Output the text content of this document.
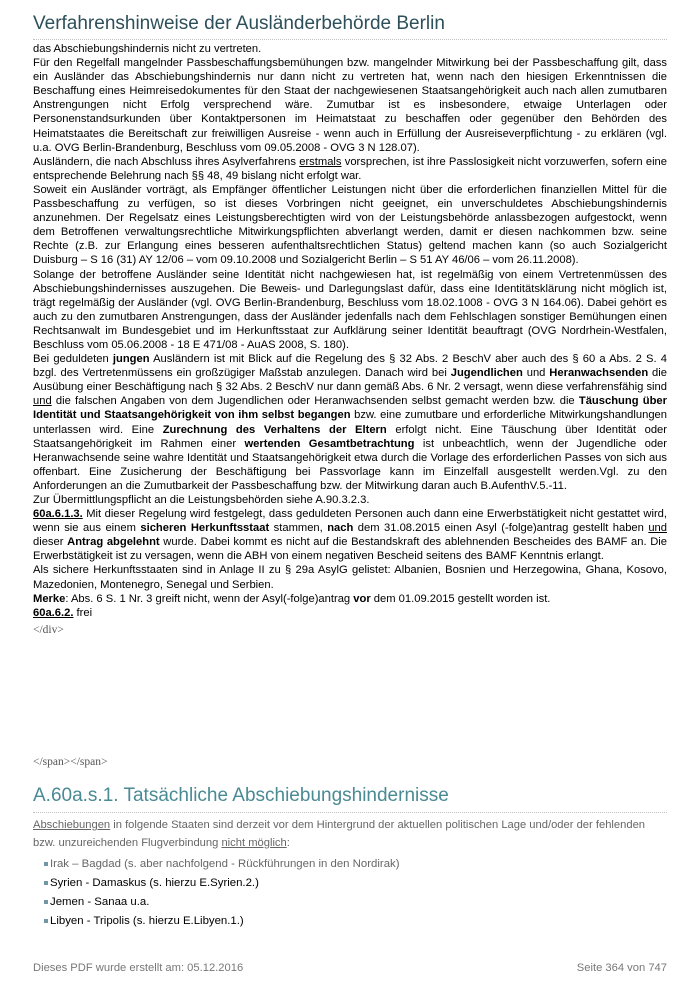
Verfahrenshinweise der Ausländerbehörde Berlin

das Abschiebungshindernis nicht zu vertreten.

Für den Regelfall mangelnder Passbeschaffungsbemühungen bzw. mangelnder Mitwirkung bei der Passbeschaffung gilt, dass ein Ausländer das Abschiebungshindernis nur dann nicht zu vertreten hat, wenn nach den hiesigen Erkenntnissen die Beschaffung eines Heimreisedokumentes für den Staat der nachgewiesenen Staatsangehörigkeit auch nach allen zumutbaren Anstrengungen nicht Erfolg versprechend wäre. Zumutbar ist es insbesondere, etwaige Unterlagen oder Personenstandsurkunden über Kontaktpersonen im Heimatstaat zu beschaffen oder gegenüber den Behörden des Heimatstaates die Bereitschaft zur freiwilligen Ausreise - wenn auch in Erfüllung der Ausreiseverpflichtung - zu erklären (vgl. u.a. OVG Berlin-Brandenburg, Beschluss vom 09.05.2008 - OVG 3 N 128.07).

Ausländern, die nach Abschluss ihres Asylverfahrens erstmals vorsprechen, ist ihre Passlosigkeit nicht vorzuwerfen, sofern eine entsprechende Belehrung nach §§ 48, 49 bislang nicht erfolgt war.

Soweit ein Ausländer vorträgt, als Empfänger öffentlicher Leistungen nicht über die erforderlichen finanziellen Mittel für die Passbeschaffung zu verfügen, so ist dieses Vorbringen nicht geeignet, ein unverschuldetes Abschiebungshindernis anzunehmen. Der Regelsatz eines Leistungsberechtigten wird von der Leistungsbehörde anlassbezogen aufgestockt, wenn dem Betroffenen verwaltungsrechtliche Mitwirkungspflichten abverlangt werden, damit er diesen nachkommen bzw. seine Rechte (z.B. zur Erlangung eines besseren aufenthaltsrechtlichen Status) geltend machen kann (so auch Sozialgericht Duisburg – S 16 (31) AY 12/06 – vom 09.10.2008 und Sozialgericht Berlin – S 51 AY 46/06 – vom 26.11.2008).

Solange der betroffene Ausländer seine Identität nicht nachgewiesen hat, ist regelmäßig von einem Vertretenmüssen des Abschiebungshindernisses auszugehen. Die Beweis- und Darlegungslast dafür, dass eine Identitätsklärung nicht möglich ist, trägt regelmäßig der Ausländer (vgl. OVG Berlin-Brandenburg, Beschluss vom 18.02.1008 - OVG 3 N 164.06). Dabei gehört es auch zu den zumutbaren Anstrengungen, dass der Ausländer jedenfalls nach dem Fehlschlagen sonstiger Bemühungen einen Rechtsanwalt im Bundesgebiet und im Herkunftsstaat zur Aufklärung seiner Identität beauftragt (OVG Nordrhein-Westfalen, Beschluss vom 05.06.2008 - 18 E 471/08 - AuAS 2008, S. 180).

Bei geduldeten jungen Ausländern ist mit Blick auf die Regelung des § 32 Abs. 2 BeschV aber auch des § 60 a Abs. 2 S. 4 bzgl. des Vertretenmüssens ein großzügiger Maßstab anzulegen. Danach wird bei Jugendlichen und Heranwachsenden die Ausübung einer Beschäftigung nach § 32 Abs. 2 BeschV nur dann gemäß Abs. 6 Nr. 2 versagt, wenn diese verfahrensfähig sind und die falschen Angaben von dem Jugendlichen oder Heranwachsenden selbst gemacht werden bzw. die Täuschung über Identität und Staatsangehörigkeit von ihm selbst begangen bzw. eine zumutbare und erforderliche Mitwirkungshandlungen unterlassen wird. Eine Zurechnung des Verhaltens der Eltern erfolgt nicht. Eine Täuschung über Identität oder Staatsangehörigkeit im Rahmen einer wertenden Gesamtbetrachtung ist unbeachtlich, wenn der Jugendliche oder Heranwachsende seine wahre Identität und Staatsangehörigkeit etwa durch die Vorlage des erforderlichen Passes von sich aus offenbart. Eine Zusicherung der Beschäftigung bei Passvorlage kann im Einzelfall ausgestellt werden.Vgl. zu den Anforderungen an die Zumutbarkeit der Passbeschaffung bzw. der Mitwirkung daran auch B.AufenthV.5.-11.

Zur Übermittlungspflicht an die Leistungsbehörden siehe A.90.3.2.3.

60a.6.1.3. Mit dieser Regelung wird festgelegt, dass geduldeten Personen auch dann eine Erwerbstätigkeit nicht gestattet wird, wenn sie aus einem sicheren Herkunftsstaat stammen, nach dem 31.08.2015 einen Asyl (-folge)antrag gestellt haben und dieser Antrag abgelehnt wurde. Dabei kommt es nicht auf die Bestandskraft des ablehnenden Bescheides des BAMF an. Die Erwerbstätigkeit ist zu versagen, wenn die ABH von einem negativen Bescheid seitens des BAMF Kenntnis erlangt.

Als sichere Herkunftsstaaten sind in Anlage II zu § 29a AsylG gelistet: Albanien, Bosnien und Herzegowina, Ghana, Kosovo, Mazedonien, Montenegro, Senegal und Serbien.

Merke: Abs. 6 S. 1 Nr. 3 greift nicht, wenn der Asyl(-folge)antrag vor dem 01.09.2015 gestellt worden ist.

60a.6.2. frei

</div>
</span></span>
A.60a.s.1. Tatsächliche Abschiebungshindernisse

Abschiebungen in folgende Staaten sind derzeit vor dem Hintergrund der aktuellen politischen Lage und/oder der fehlenden bzw. unzureichenden Flugverbindung nicht möglich:

Irak – Bagdad (s. aber nachfolgend - Rückführungen in den Nordirak)
Syrien - Damaskus (s. hierzu E.Syrien.2.)
Jemen - Sanaa u.a.
Libyen - Tripolis (s. hierzu E.Libyen.1.)
Dieses PDF wurde erstellt am: 05.12.2016	Seite 364 von 747
